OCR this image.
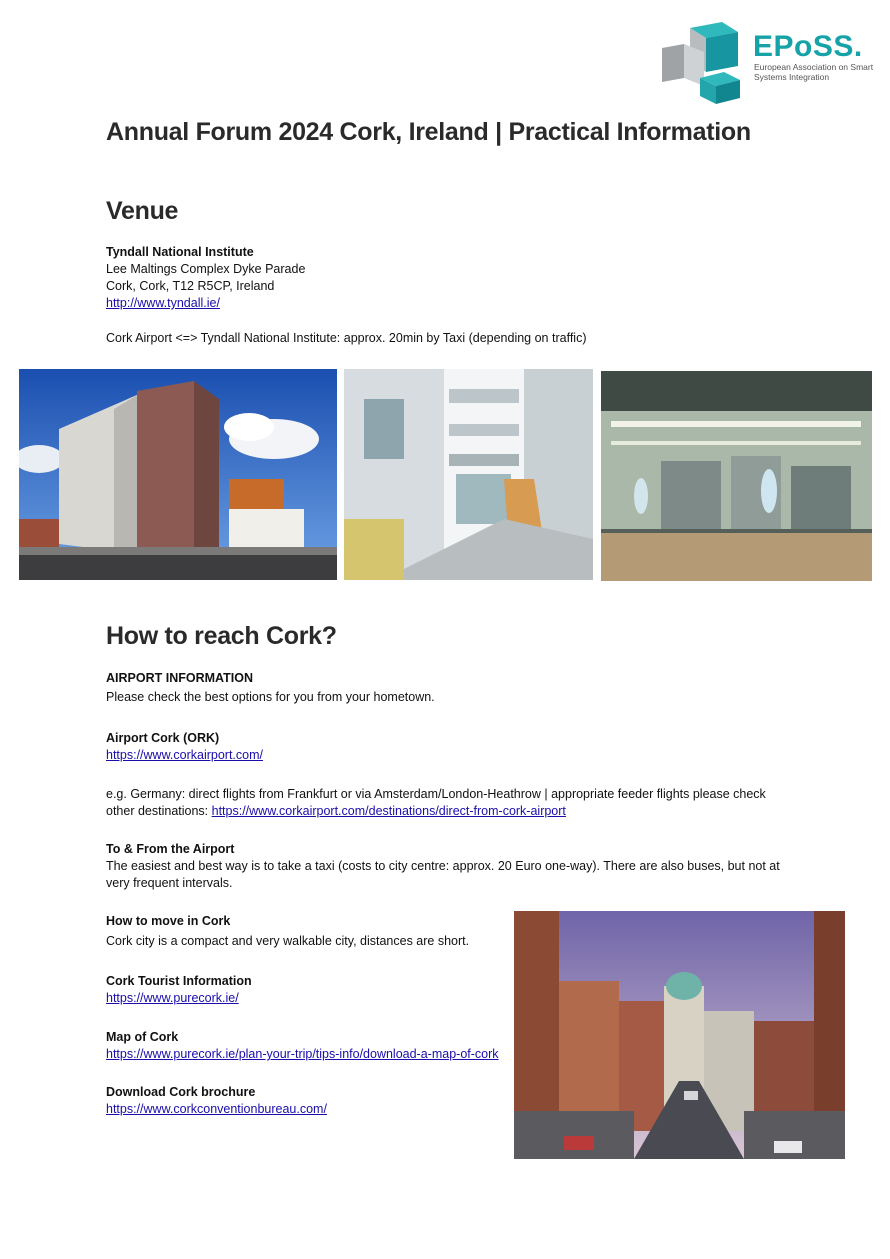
EPoSS.
European Association on Smart Systems Integration
Annual Forum 2024 Cork, Ireland | Practical Information
Venue
Tyndall National Institute
Lee Maltings Complex Dyke Parade
Cork, Cork, T12 R5CP, Ireland
http://www.tyndall.ie/
Cork Airport <=> Tyndall National Institute: approx. 20min by Taxi (depending on traffic)
How to reach Cork?
AIRPORT INFORMATION
Please check the best options for you from your hometown.
Airport Cork (ORK)
https://www.corkairport.com/
e.g. Germany: direct flights from Frankfurt or via Amsterdam/London-Heathrow | appropriate feeder flights please check
other destinations: https://www.corkairport.com/destinations/direct-from-cork-airport
To & From the Airport
The easiest and best way is to take a taxi (costs to city centre: approx. 20 Euro one-way). There are also buses, but not at
very frequent intervals.
How to move in Cork
Cork city is a compact and very walkable city, distances are short.
Cork Tourist Information
https://www.purecork.ie/
Map of Cork
https://www.purecork.ie/plan-your-trip/tips-info/download-a-map-of-cork
Download Cork brochure
https://www.corkconventionbureau.com/
